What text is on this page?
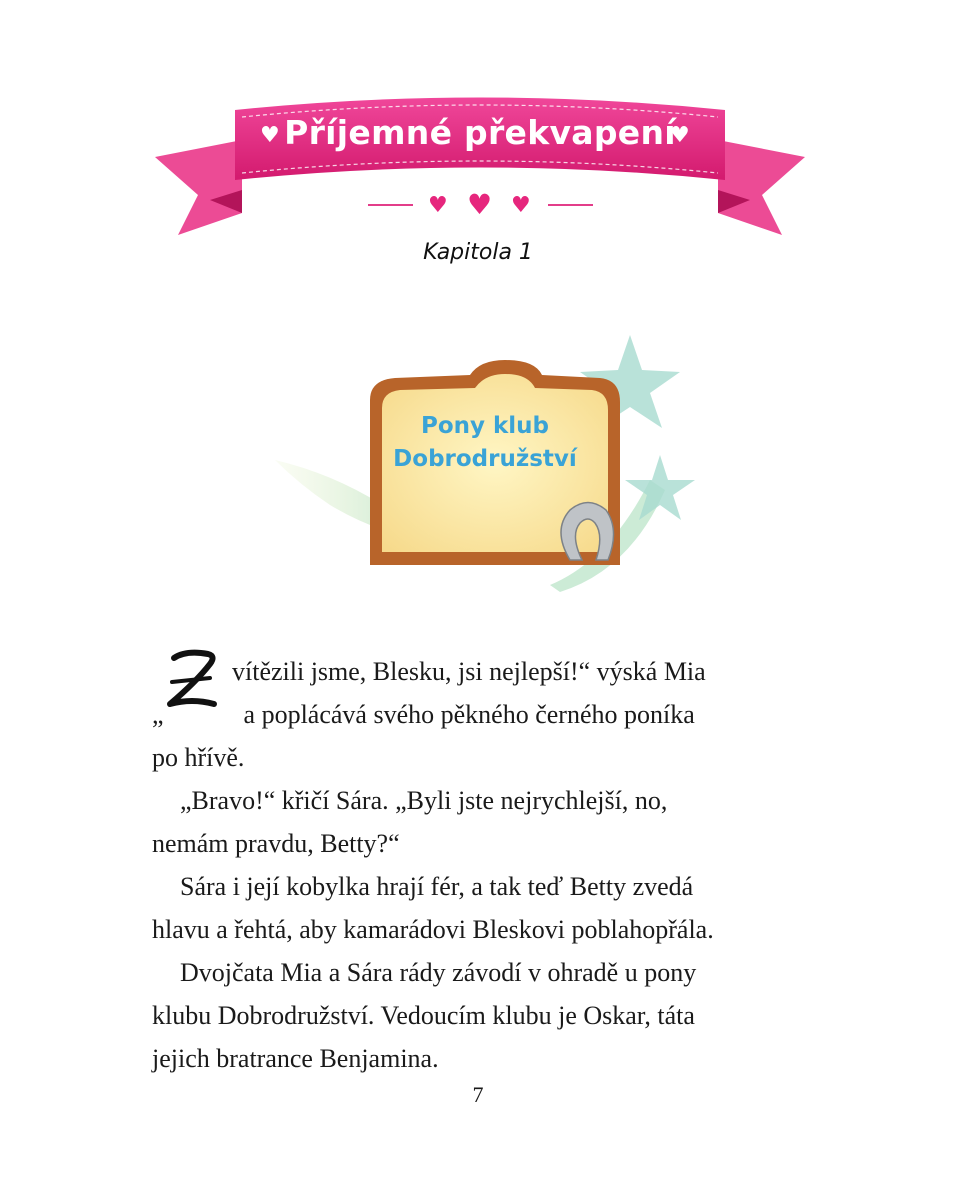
Příjemné překvapení
♥	♥
♥ ♥ ♥
Kapitola 1
Pony klub
Dobrodružství
Z
vítězili jsme, Blesku, jsi nejlepší!“ výská Mia
„	a poplácává svého pěkného černého poníka
po hřívě.
„Bravo!“ křičí Sára. „Byli jste nejrychlejší, no,
nemám pravdu, Betty?“
Sára i její kobylka hrají fér, a tak teď Betty zvedá
hlavu a řehtá, aby kamarádovi Bleskovi poblahopřála.
Dvojčata Mia a Sára rády závodí v ohradě u pony
klubu Dobrodružství. Vedoucím klubu je Oskar, táta
jejich bratrance Benjamina.
7
